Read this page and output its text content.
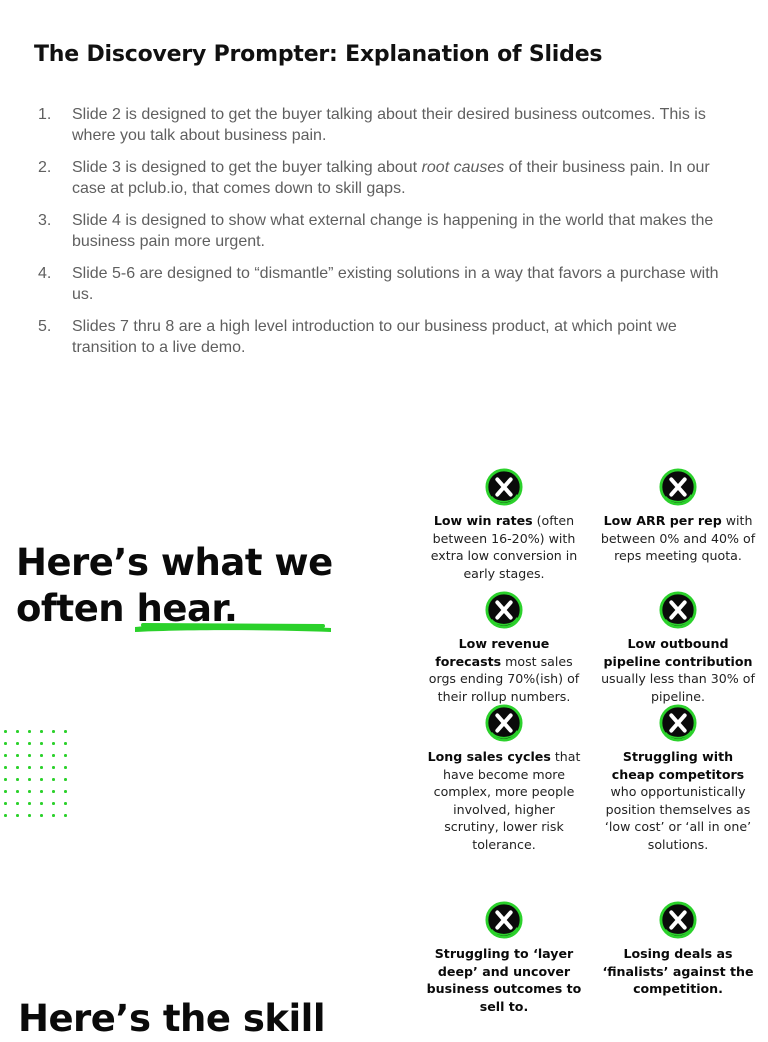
The Discovery Prompter: Explanation of Slides
1.	Slide 2 is designed to get the buyer talking about their desired business outcomes. This is where you talk about business pain.
2.	Slide 3 is designed to get the buyer talking about root causes of their business pain. In our case at pclub.io, that comes down to skill gaps.
3.	Slide 4 is designed to show what external change is happening in the world that makes the business pain more urgent.
4.	Slide 5-6 are designed to “dismantle” existing solutions in a way that favors a purchase with us.
5.	Slides 7 thru 8 are a high level introduction to our business product, at which point we transition to a live demo.
Here’s what we
often hear.
Low win rates (often between 16-20%) with extra low conversion in early stages.
Low ARR per rep with between 0% and 40% of reps meeting quota.
Low revenue forecasts most sales orgs ending 70%(ish) of their rollup numbers.
Low outbound pipeline contribution usually less than 30% of pipeline.
Long sales cycles that have become more complex, more people involved, higher scrutiny, lower risk tolerance.
Struggling with cheap competitors who opportunistically position themselves as ‘low cost’ or ‘all in one’ solutions.
Struggling to ‘layer deep’ and uncover business outcomes to sell to.
Losing deals as ‘finalists’ against the competition.
Here’s the skill
